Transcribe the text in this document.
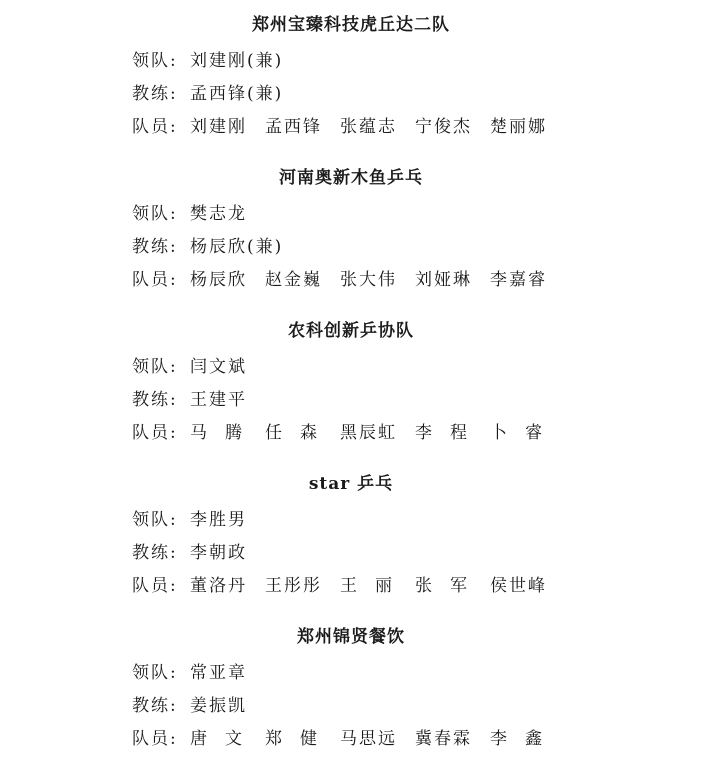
郑州宝臻科技虎丘达二队
领队: 刘建刚(兼)
教练: 孟西锋(兼)
队员: 刘建刚 孟西锋 张蕴志 宁俊杰 楚丽娜
河南奥新木鱼乒乓
领队: 樊志龙
教练: 杨辰欣(兼)
队员: 杨辰欣 赵金巍 张大伟 刘娅琳 李嘉睿
农科创新乒协队
领队: 闫文斌
教练: 王建平
队员: 马 腾 任 森 黑辰虹 李 程 卜 睿
star 乒乓
领队: 李胜男
教练: 李朝政
队员: 董洛丹 王彤彤 王 丽 张 军 侯世峰
郑州锦贤餐饮
领队: 常亚章
教练: 姜振凯
队员: 唐 文 郑 健 马思远 冀春霖 李 鑫
